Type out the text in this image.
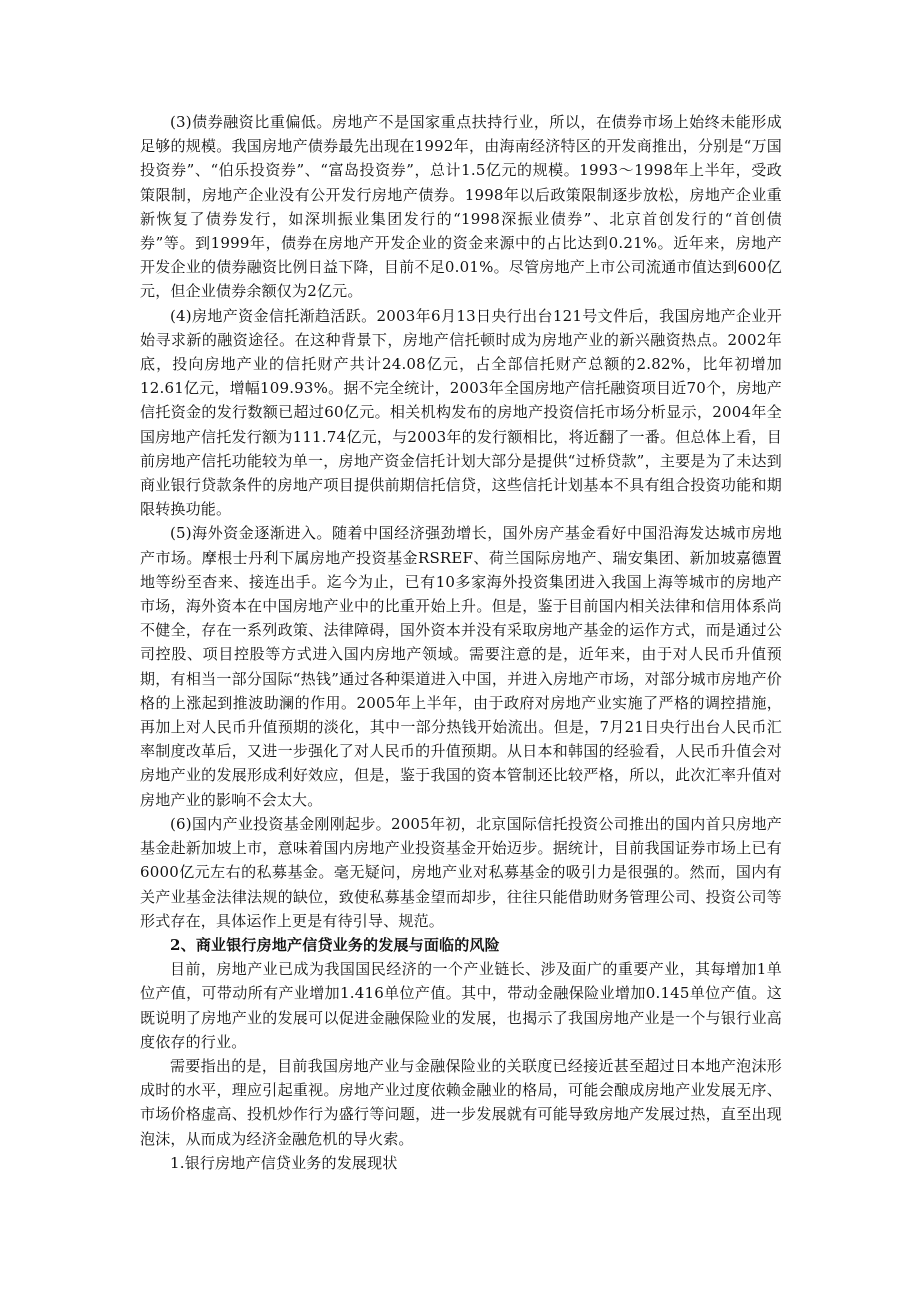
(3)债券融资比重偏低。房地产不是国家重点扶持行业，所以，在债券市场上始终未能形成足够的规模。我国房地产债券最先出现在1992年，由海南经济特区的开发商推出，分别是“万国投资券”、“伯乐投资券”、“富岛投资券”，总计1.5亿元的规模。1993～1998年上半年，受政策限制，房地产企业没有公开发行房地产债券。1998年以后政策限制逐步放松，房地产企业重新恢复了债券发行，如深圳振业集团发行的“1998深振业债券”、北京首创发行的“首创债券”等。到1999年，债券在房地产开发企业的资金来源中的占比达到0.21%。近年来，房地产开发企业的债券融资比例日益下降，目前不足0.01%。尽管房地产上市公司流通市值达到600亿元，但企业债券余额仅为2亿元。

(4)房地产资金信托渐趋活跃。2003年6月13日央行出台121号文件后，我国房地产企业开始寻求新的融资途径。在这种背景下，房地产信托顿时成为房地产业的新兴融资热点。2002年底，投向房地产业的信托财产共计24.08亿元，占全部信托财产总额的2.82%，比年初增加12.61亿元，增幅109.93%。据不完全统计，2003年全国房地产信托融资项目近70个，房地产信托资金的发行数额已超过60亿元。相关机构发布的房地产投资信托市场分析显示，2004年全国房地产信托发行额为111.74亿元，与2003年的发行额相比，将近翻了一番。但总体上看，目前房地产信托功能较为单一，房地产资金信托计划大部分是提供“过桥贷款”，主要是为了未达到商业银行贷款条件的房地产项目提供前期信托信贷，这些信托计划基本不具有组合投资功能和期限转换功能。

(5)海外资金逐渐进入。随着中国经济强劲增长，国外房产基金看好中国沿海发达城市房地产市场。摩根士丹利下属房地产投资基金RSREF、荷兰国际房地产、瑞安集团、新加坡嘉德置地等纷至杳来、接连出手。迄今为止，已有10多家海外投资集团进入我国上海等城市的房地产市场，海外资本在中国房地产业中的比重开始上升。但是，鉴于目前国内相关法律和信用体系尚不健全，存在一系列政策、法律障碍，国外资本并没有采取房地产基金的运作方式，而是通过公司控股、项目控股等方式进入国内房地产领域。需要注意的是，近年来，由于对人民币升值预期，有相当一部分国际“热钱”通过各种渠道进入中国，并进入房地产市场，对部分城市房地产价格的上涨起到推波助澜的作用。2005年上半年，由于政府对房地产业实施了严格的调控措施，再加上对人民币升值预期的淡化，其中一部分热钱开始流出。但是，7月21日央行出台人民币汇率制度改革后，又进一步强化了对人民币的升值预期。从日本和韩国的经验看，人民币升值会对房地产业的发展形成利好效应，但是，鉴于我国的资本管制还比较严格，所以，此次汇率升值对房地产业的影响不会太大。

(6)国内产业投资基金刚刚起步。2005年初，北京国际信托投资公司推出的国内首只房地产基金赴新加坡上市，意味着国内房地产业投资基金开始迈步。据统计，目前我国证券市场上已有6000亿元左右的私募基金。毫无疑问，房地产业对私募基金的吸引力是很强的。然而，国内有关产业基金法律法规的缺位，致使私募基金望而却步，往往只能借助财务管理公司、投资公司等形式存在，具体运作上更是有待引导、规范。

2、商业银行房地产信贷业务的发展与面临的风险

目前，房地产业已成为我国国民经济的一个产业链长、涉及面广的重要产业，其每增加1单位产值，可带动所有产业增加1.416单位产值。其中，带动金融保险业增加0.145单位产值。这既说明了房地产业的发展可以促进金融保险业的发展，也揭示了我国房地产业是一个与银行业高度依存的行业。

需要指出的是，目前我国房地产业与金融保险业的关联度已经接近甚至超过日本地产泡沫形成时的水平，理应引起重视。房地产业过度依赖金融业的格局，可能会酿成房地产业发展无序、市场价格虚高、投机炒作行为盛行等问题，进一步发展就有可能导致房地产发展过热，直至出现泡沫，从而成为经济金融危机的导火索。

1.银行房地产信贷业务的发展现状
